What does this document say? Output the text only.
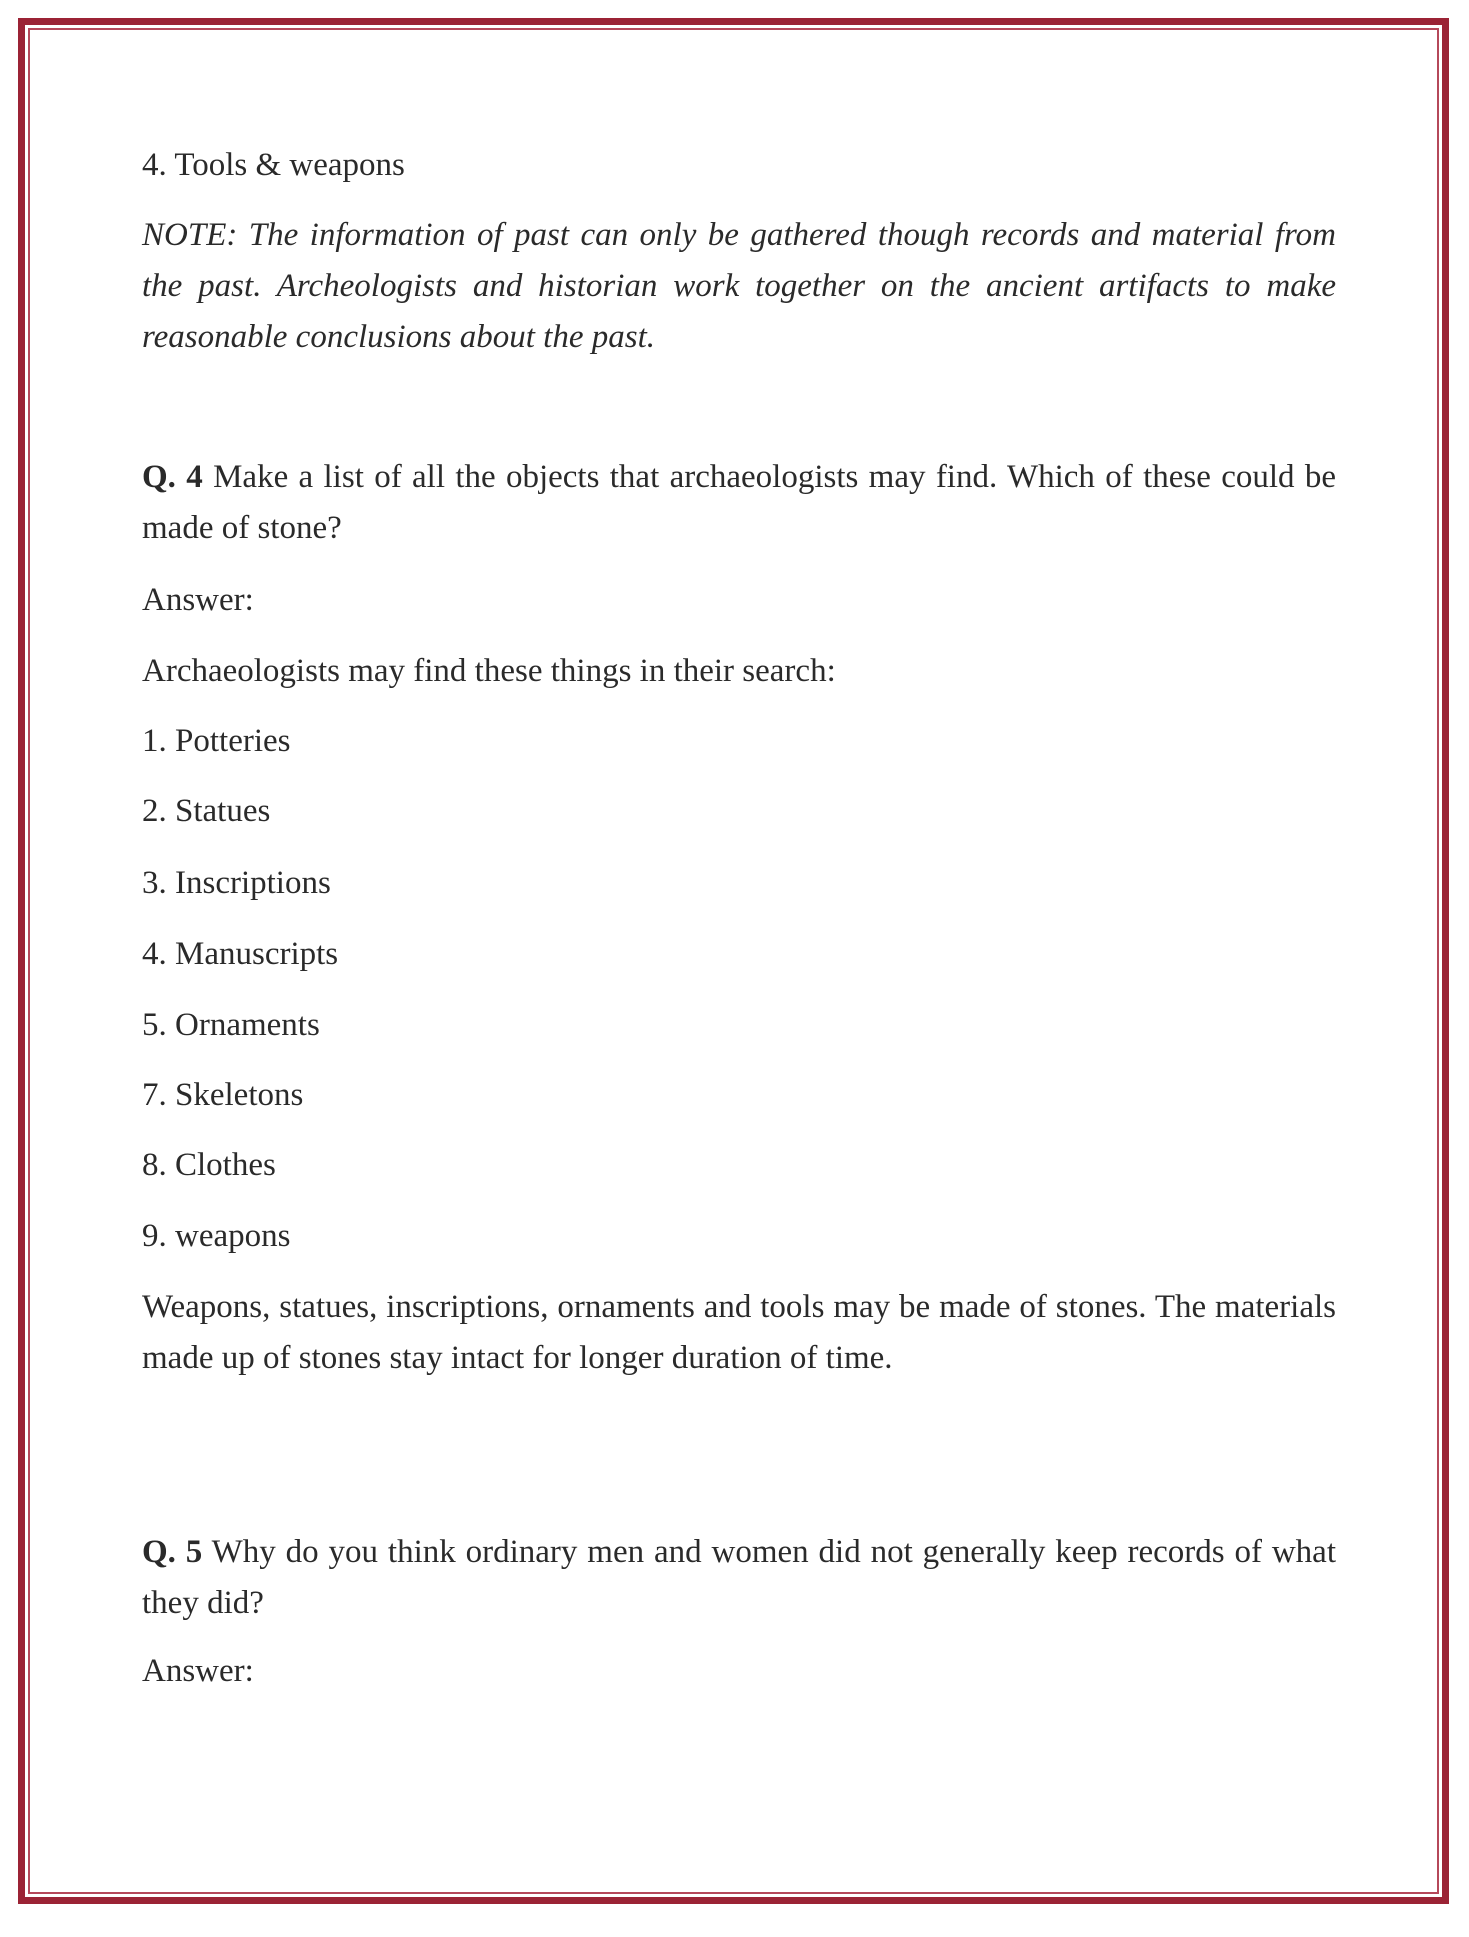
4. Tools & weapons
NOTE: The information of past can only be gathered though records and material from the past. Archeologists and historian work together on the ancient artifacts to make reasonable conclusions about the past.
Q. 4 Make a list of all the objects that archaeologists may find. Which of these could be made of stone?
Answer:
Archaeologists may find these things in their search:
1. Potteries
2. Statues
3. Inscriptions
4. Manuscripts
5. Ornaments
7. Skeletons
8. Clothes
9. weapons
Weapons, statues, inscriptions, ornaments and tools may be made of stones. The materials made up of stones stay intact for longer duration of time.
Q. 5 Why do you think ordinary men and women did not generally keep records of what they did?
Answer:
